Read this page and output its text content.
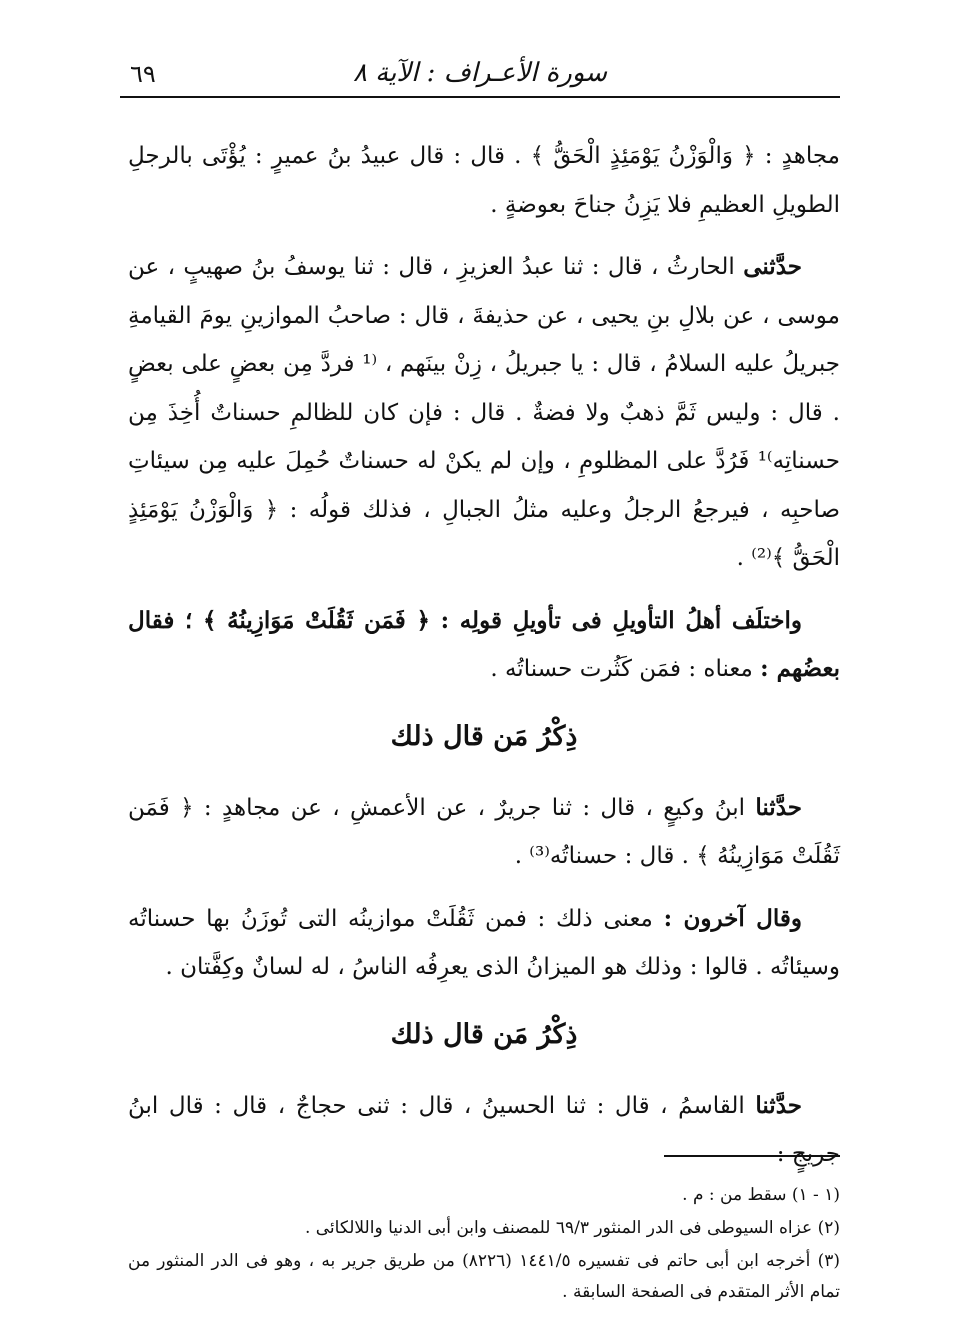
سورة الأعـراف : الآية ٨
٦٩

مجاهدٍ : ﴿ وَالْوَزْنُ يَوْمَئِذٍ الْحَقُّ ﴾ . قال : قال عبيدُ بنُ عميرٍ : يُؤْتَى بالرجلِ الطويلِ العظيمِ فلا يَزِنُ جناحَ بعوضةٍ .

حدَّثنى الحارثُ ، قال : ثنا عبدُ العزيزِ ، قال : ثنا يوسفُ بنُ صهيبٍ ، عن موسى ، عن بلالِ بنِ يحيى ، عن حذيفةَ ، قال : صاحبُ الموازينِ يومَ القيامةِ جبريلُ عليه السلامُ ، قال : يا جبريلُ ، زِنْ بينَهم ، ⁽¹ فردَّ مِن بعضٍ على بعضٍ . قال : وليس ثَمَّ ذهبٌ ولا فضةٌ . قال : فإن كان للظالمِ حسناتٌ أُخِذَ مِن حسناتِه⁾¹ فَرُدَّ على المظلومِ ، وإن لم يكنْ له حسناتٌ حُمِلَ عليه مِن سيئاتِ صاحبِه ، فيرجعُ الرجلُ وعليه مثلُ الجبالِ ، فذلك قولُه : ﴿ وَالْوَزْنُ يَوْمَئِذٍ الْحَقُّ ﴾⁽²⁾ .

واختلَف أهلُ التأويلِ فى تأويلِ قولِه : ﴿ فَمَن ثَقُلَتْ مَوَازِينُهُ ﴾ ؛ فقال بعضُهم : معناه : فمَن كَثُرت حسناتُه .

ذِكْرُ مَن قال ذلك

حدَّثنا ابنُ وكيعٍ ، قال : ثنا جريرٌ ، عن الأعمشِ ، عن مجاهدٍ : ﴿ فَمَن ثَقُلَتْ مَوَازِينُهُ ﴾ . قال : حسناتُه⁽³⁾ .

وقال آخرون : معنى ذلك : فمن ثَقُلَتْ موازينُه التى تُوزَنُ بها حسناتُه وسيئاتُه . قالوا : وذلك هو الميزانُ الذى يعرِفُه الناسُ ، له لسانٌ وكِفَّتان .

ذِكْرُ مَن قال ذلك

حدَّثنا القاسمُ ، قال : ثنا الحسينُ ، قال : ثنى حجاجٌ ، قال : قال ابنُ جريجٍ :

(١ - ١) سقط من : م .

(٢) عزاه السيوطى فى الدر المنثور ٦٩/٣ للمصنف وابن أبى الدنيا واللالكائى .

(٣) أخرجه ابن أبى حاتم فى تفسيره ١٤٤١/٥ (٨٢٢٦) من طريق جرير به ، وهو فى الدر المنثور من تمام الأثر المتقدم فى الصفحة السابقة .
